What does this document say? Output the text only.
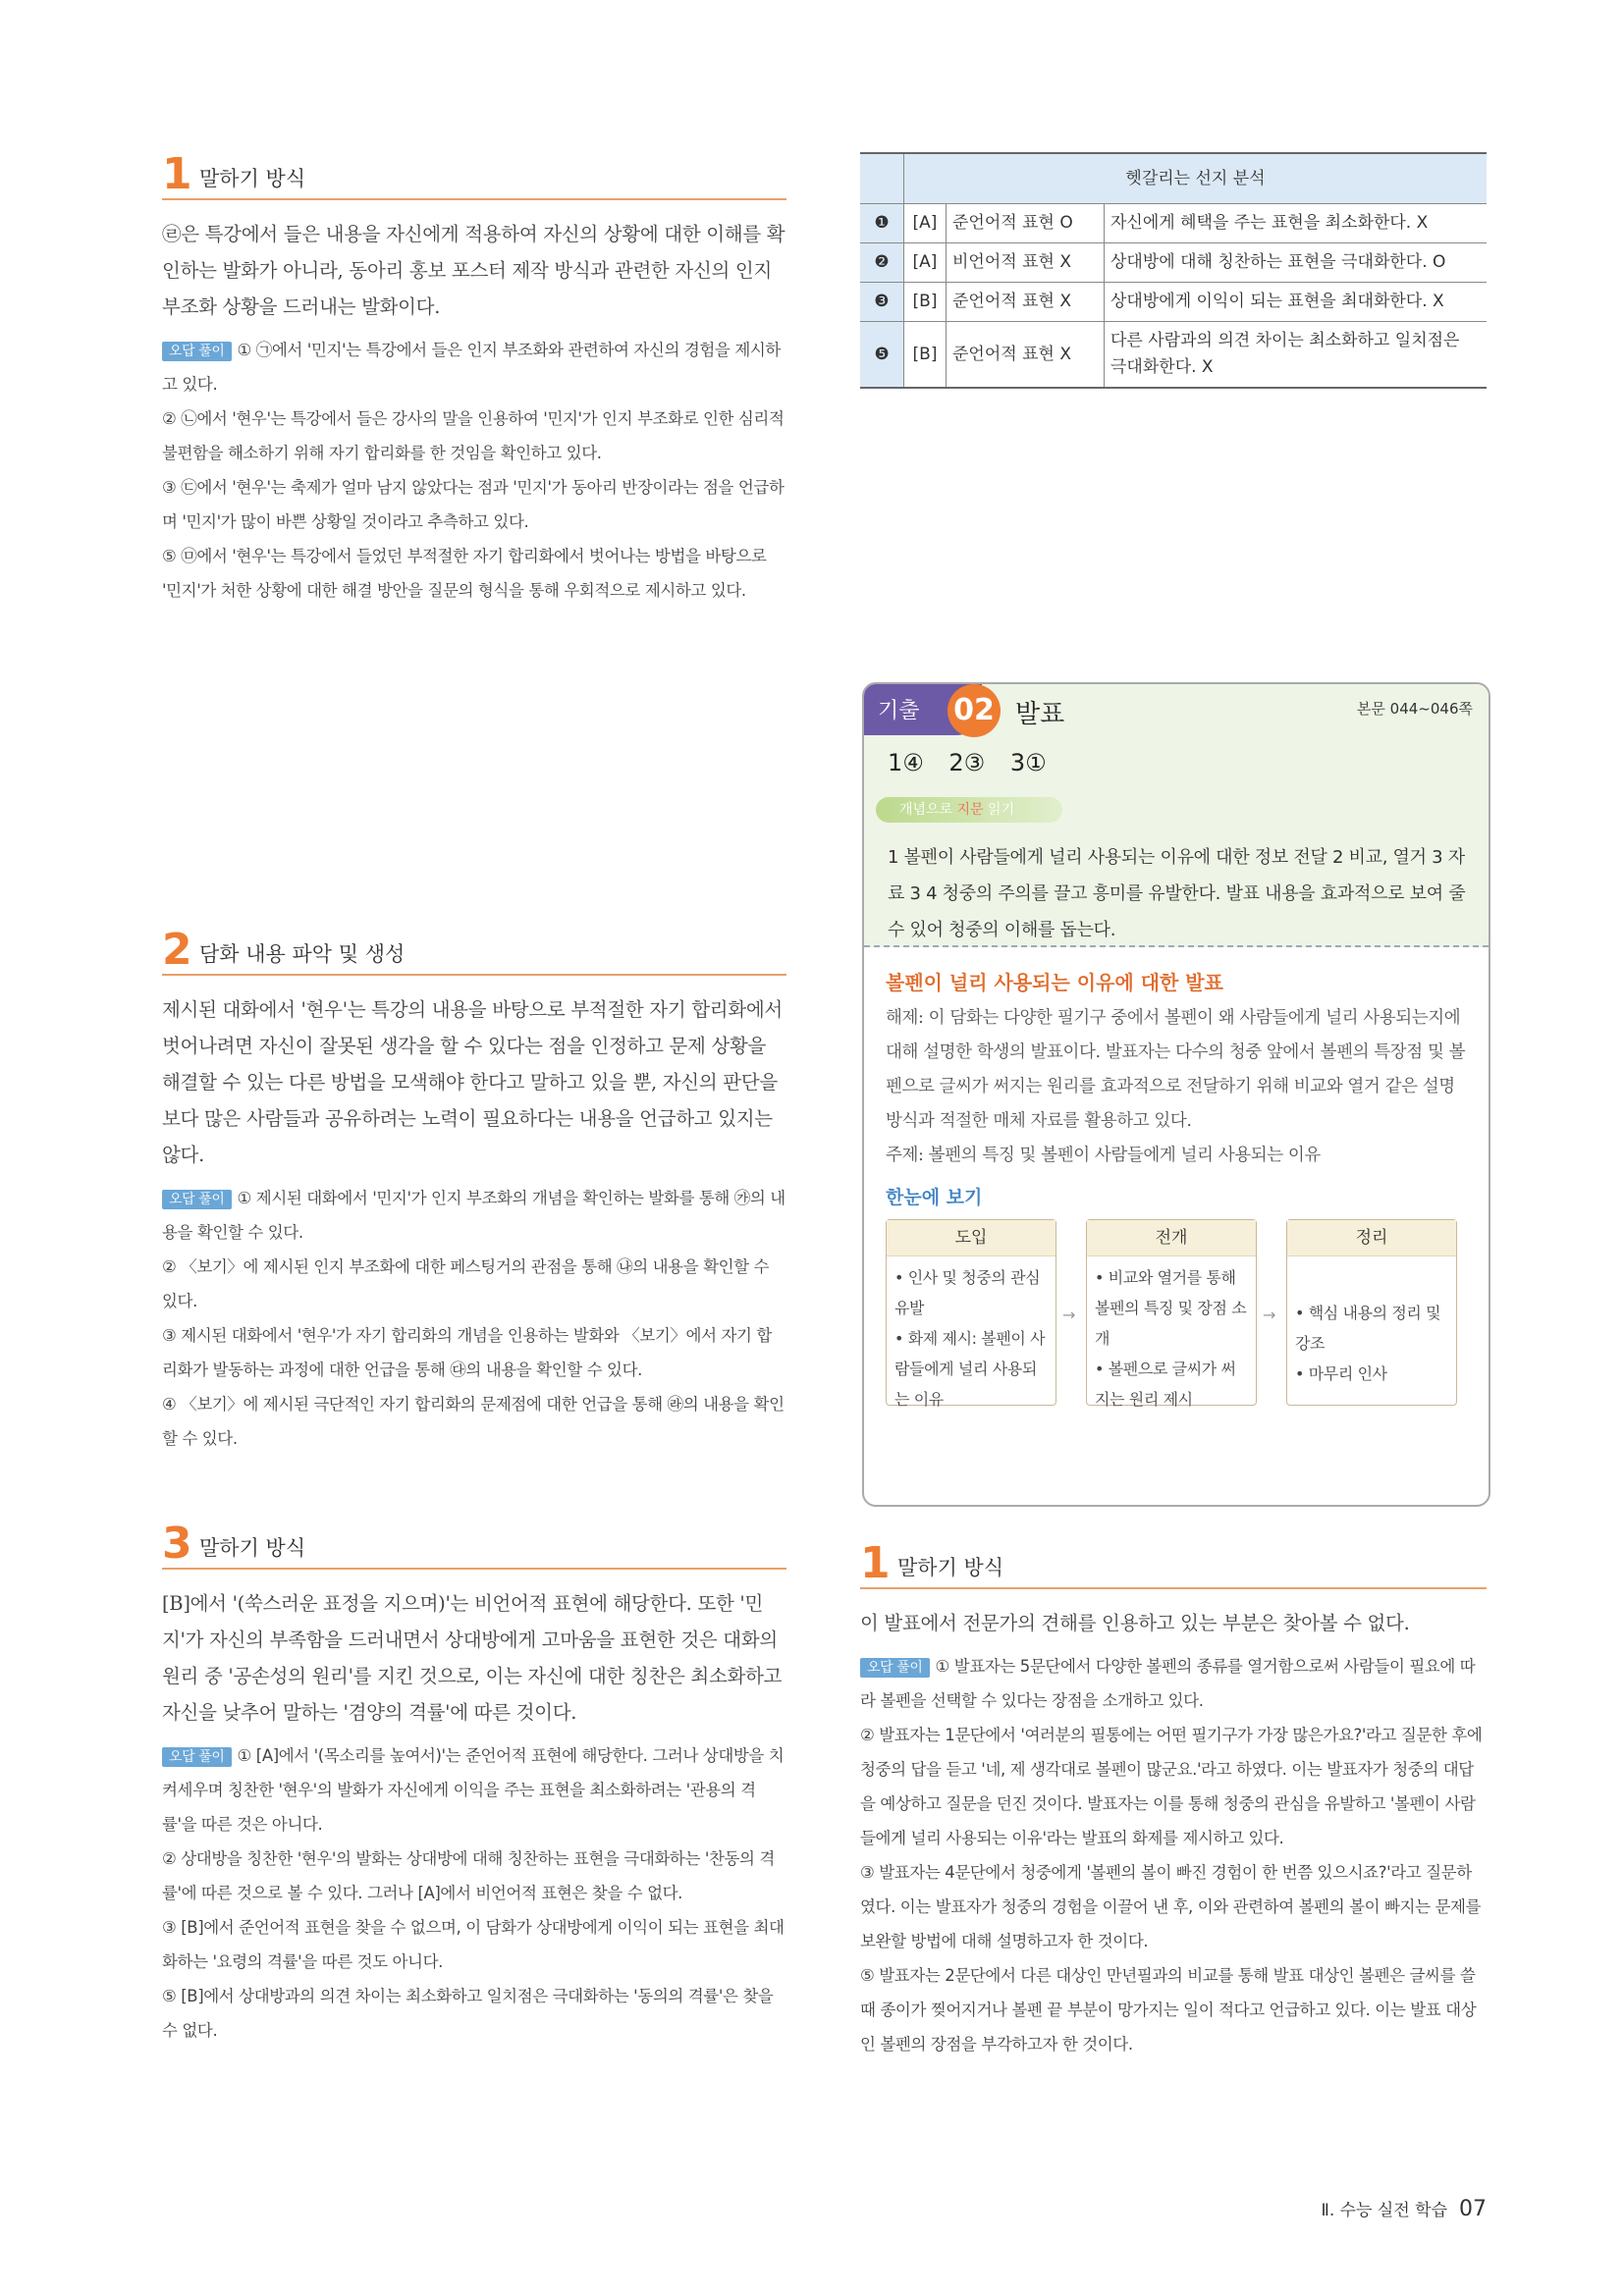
1 말하기 방식

㉣은 특강에서 들은 내용을 자신에게 적용하여 자신의 상황에 대한 이해를 확인하는 발화가 아니라, 동아리 홍보 포스터 제작 방식과 관련한 자신의 인지 부조화 상황을 드러내는 발화이다.

오답 풀이 ① ㉠에서 '민지'는 특강에서 들은 인지 부조화와 관련하여 자신의 경험을 제시하고 있다.

② ㉡에서 '현우'는 특강에서 들은 강사의 말을 인용하여 '민지'가 인지 부조화로 인한 심리적 불편함을 해소하기 위해 자기 합리화를 한 것임을 확인하고 있다.

③ ㉢에서 '현우'는 축제가 얼마 남지 않았다는 점과 '민지'가 동아리 반장이라는 점을 언급하며 '민지'가 많이 바쁜 상황일 것이라고 추측하고 있다.

⑤ ㉤에서 '현우'는 특강에서 들었던 부적절한 자기 합리화에서 벗어나는 방법을 바탕으로 '민지'가 처한 상황에 대한 해결 방안을 질문의 형식을 통해 우회적으로 제시하고 있다.

2 담화 내용 파악 및 생성

제시된 대화에서 '현우'는 특강의 내용을 바탕으로 부적절한 자기 합리화에서 벗어나려면 자신이 잘못된 생각을 할 수 있다는 점을 인정하고 문제 상황을 해결할 수 있는 다른 방법을 모색해야 한다고 말하고 있을 뿐, 자신의 판단을 보다 많은 사람들과 공유하려는 노력이 필요하다는 내용을 언급하고 있지는 않다.

오답 풀이 ① 제시된 대화에서 '민지'가 인지 부조화의 개념을 확인하는 발화를 통해 ㉮의 내용을 확인할 수 있다.

② 〈보기〉에 제시된 인지 부조화에 대한 페스팅거의 관점을 통해 ㉯의 내용을 확인할 수 있다.

③ 제시된 대화에서 '현우'가 자기 합리화의 개념을 인용하는 발화와 〈보기〉에서 자기 합리화가 발동하는 과정에 대한 언급을 통해 ㉰의 내용을 확인할 수 있다.

④ 〈보기〉에 제시된 극단적인 자기 합리화의 문제점에 대한 언급을 통해 ㉱의 내용을 확인할 수 있다.

3 말하기 방식

[B]에서 '(쑥스러운 표정을 지으며)'는 비언어적 표현에 해당한다. 또한 '민지'가 자신의 부족함을 드러내면서 상대방에게 고마움을 표현한 것은 대화의 원리 중 '공손성의 원리'를 지킨 것으로, 이는 자신에 대한 칭찬은 최소화하고 자신을 낮추어 말하는 '겸양의 격률'에 따른 것이다.

오답 풀이 ① [A]에서 '(목소리를 높여서)'는 준언어적 표현에 해당한다. 그러나 상대방을 치켜세우며 칭찬한 '현우'의 발화가 자신에게 이익을 주는 표현을 최소화하려는 '관용의 격률'을 따른 것은 아니다.

② 상대방을 칭찬한 '현우'의 발화는 상대방에 대해 칭찬하는 표현을 극대화하는 '찬동의 격률'에 따른 것으로 볼 수 있다. 그러나 [A]에서 비언어적 표현은 찾을 수 없다.

③ [B]에서 준언어적 표현을 찾을 수 없으며, 이 담화가 상대방에게 이익이 되는 표현을 최대화하는 '요령의 격률'을 따른 것도 아니다.

⑤ [B]에서 상대방과의 의견 차이는 최소화하고 일치점은 극대화하는 '동의의 격률'은 찾을 수 없다.

	헷갈리는 선지 분석		
❶	[A]	준언어적 표현 O	자신에게 혜택을 주는 표현을 최소화한다. X
❷	[A]	비언어적 표현 X	상대방에 대해 칭찬하는 표현을 극대화한다. O
❸	[B]	준언어적 표현 X	상대방에게 이익이 되는 표현을 최대화한다. X
❺	[B]	준언어적 표현 X	다른 사람과의 의견 차이는 최소화하고 일치점은 극대화한다. X
기출 02 발표	본문 044~046쪽
1④ 2③ 3①
개념으로 지문 읽기
1 볼펜이 사람들에게 널리 사용되는 이유에 대한 정보 전달 2 비교, 열거 3 자료 3 4 청중의 주의를 끌고 흥미를 유발한다. 발표 내용을 효과적으로 보여 줄 수 있어 청중의 이해를 돕는다.
볼펜이 널리 사용되는 이유에 대한 발표

해제: 이 담화는 다양한 필기구 중에서 볼펜이 왜 사람들에게 널리 사용되는지에 대해 설명한 학생의 발표이다. 발표자는 다수의 청중 앞에서 볼펜의 특장점 및 볼펜으로 글씨가 써지는 원리를 효과적으로 전달하기 위해 비교와 열거 같은 설명 방식과 적절한 매체 자료를 활용하고 있다.

주제: 볼펜의 특징 및 볼펜이 사람들에게 널리 사용되는 이유

한눈에 보기
도입
• 인사 및 청중의 관심 유발
• 화제 제시: 볼펜이 사람들에게 널리 사용되는 이유
→
전개
• 비교와 열거를 통해 볼펜의 특징 및 장점 소개
• 볼펜으로 글씨가 써지는 원리 제시
→
정리
• 핵심 내용의 정리 및 강조
• 마무리 인사
1 말하기 방식

이 발표에서 전문가의 견해를 인용하고 있는 부분은 찾아볼 수 없다.

오답 풀이 ① 발표자는 5문단에서 다양한 볼펜의 종류를 열거함으로써 사람들이 필요에 따라 볼펜을 선택할 수 있다는 장점을 소개하고 있다.

② 발표자는 1문단에서 '여러분의 필통에는 어떤 필기구가 가장 많은가요?'라고 질문한 후에 청중의 답을 듣고 '네, 제 생각대로 볼펜이 많군요.'라고 하였다. 이는 발표자가 청중의 대답을 예상하고 질문을 던진 것이다. 발표자는 이를 통해 청중의 관심을 유발하고 '볼펜이 사람들에게 널리 사용되는 이유'라는 발표의 화제를 제시하고 있다.

③ 발표자는 4문단에서 청중에게 '볼펜의 볼이 빠진 경험이 한 번쯤 있으시죠?'라고 질문하였다. 이는 발표자가 청중의 경험을 이끌어 낸 후, 이와 관련하여 볼펜의 볼이 빠지는 문제를 보완할 방법에 대해 설명하고자 한 것이다.

⑤ 발표자는 2문단에서 다른 대상인 만년필과의 비교를 통해 발표 대상인 볼펜은 글씨를 쓸 때 종이가 찢어지거나 볼펜 끝 부분이 망가지는 일이 적다고 언급하고 있다. 이는 발표 대상인 볼펜의 장점을 부각하고자 한 것이다.

Ⅱ. 수능 실전 학습 07
